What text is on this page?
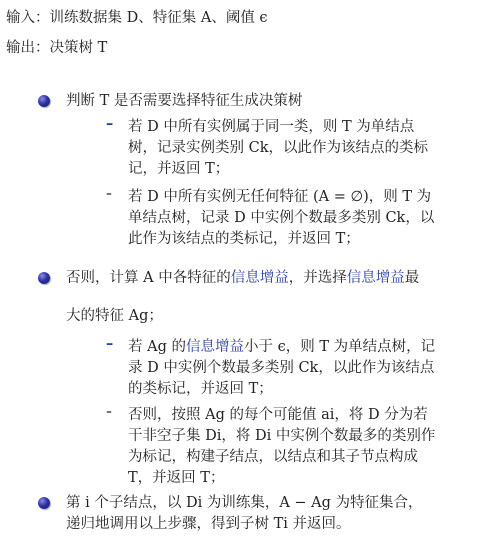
输入：训练数据集 D、特征集 A、阈值 ϵ
输出：决策树 T
判断 T 是否需要选择特征生成决策树
– 若 D 中所有实例属于同一类，则 T 为单结点
树，记录实例类别 Ck，以此作为该结点的类标
记，并返回 T；
- 若 D 中所有实例无任何特征 (A = ∅)，则 T 为
单结点树，记录 D 中实例个数最多类别 Ck，以
此作为该结点的类标记，并返回 T；
否则，计算 A 中各特征的信息增益，并选择信息增益最
大的特征 Ag；
– 若 Ag 的信息增益小于 ϵ，则 T 为单结点树，记
录 D 中实例个数最多类别 Ck，以此作为该结点
的类标记，并返回 T；
- 否则，按照 Ag 的每个可能值 ai，将 D 分为若
干非空子集 Di，将 Di 中实例个数最多的类别作
为标记，构建子结点，以结点和其子节点构成
T，并返回 T；
第 i 个子结点，以 Di 为训练集，A − Ag 为特征集合，
递归地调用以上步骤，得到子树 Ti 并返回。
